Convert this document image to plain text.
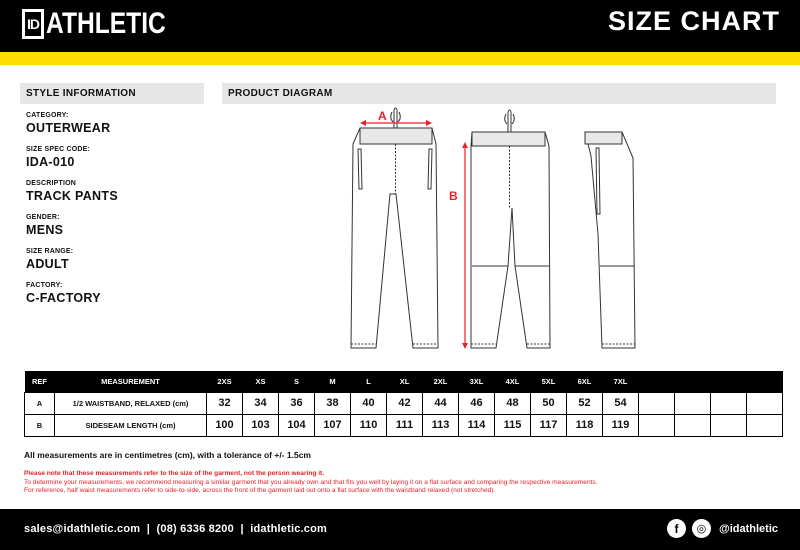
ID ATHLETIC	SIZE CHART
STYLE INFORMATION	PRODUCT DIAGRAM
CATEGORY:
OUTERWEAR
SIZE SPEC CODE:
IDA-010
DESCRIPTION
TRACK PANTS
GENDER:
MENS
SIZE RANGE:
ADULT
FACTORY:
C-FACTORY
A
B
REF	MEASUREMENT	2XS	XS	S	M	L	XL	2XL	3XL	4XL	5XL	6XL	7XL				
A	1/2 WAISTBAND, RELAXED (cm)	32	34	36	38	40	42	44	46	48	50	52	54				
B	SIDESEAM LENGTH (cm)	100	103	104	107	110	111	113	114	115	117	118	119				
All measurements are in centimetres (cm), with a tolerance of +/- 1.5cm
Please note that these measurements refer to the size of the garment, not the person wearing it.
To determine your measurements, we recommend measuring a similar garment that you already own and that fits you well by laying it on a flat surface and comparing the respective measurements.
For reference, half waist measurements refer to side-to-side, across the front of the garment laid out onto a flat surface with the waistband relaxed (not stretched).
sales@idathletic.com  |  (08) 6336 8200  |  idathletic.com	f	◎	@idathletic
